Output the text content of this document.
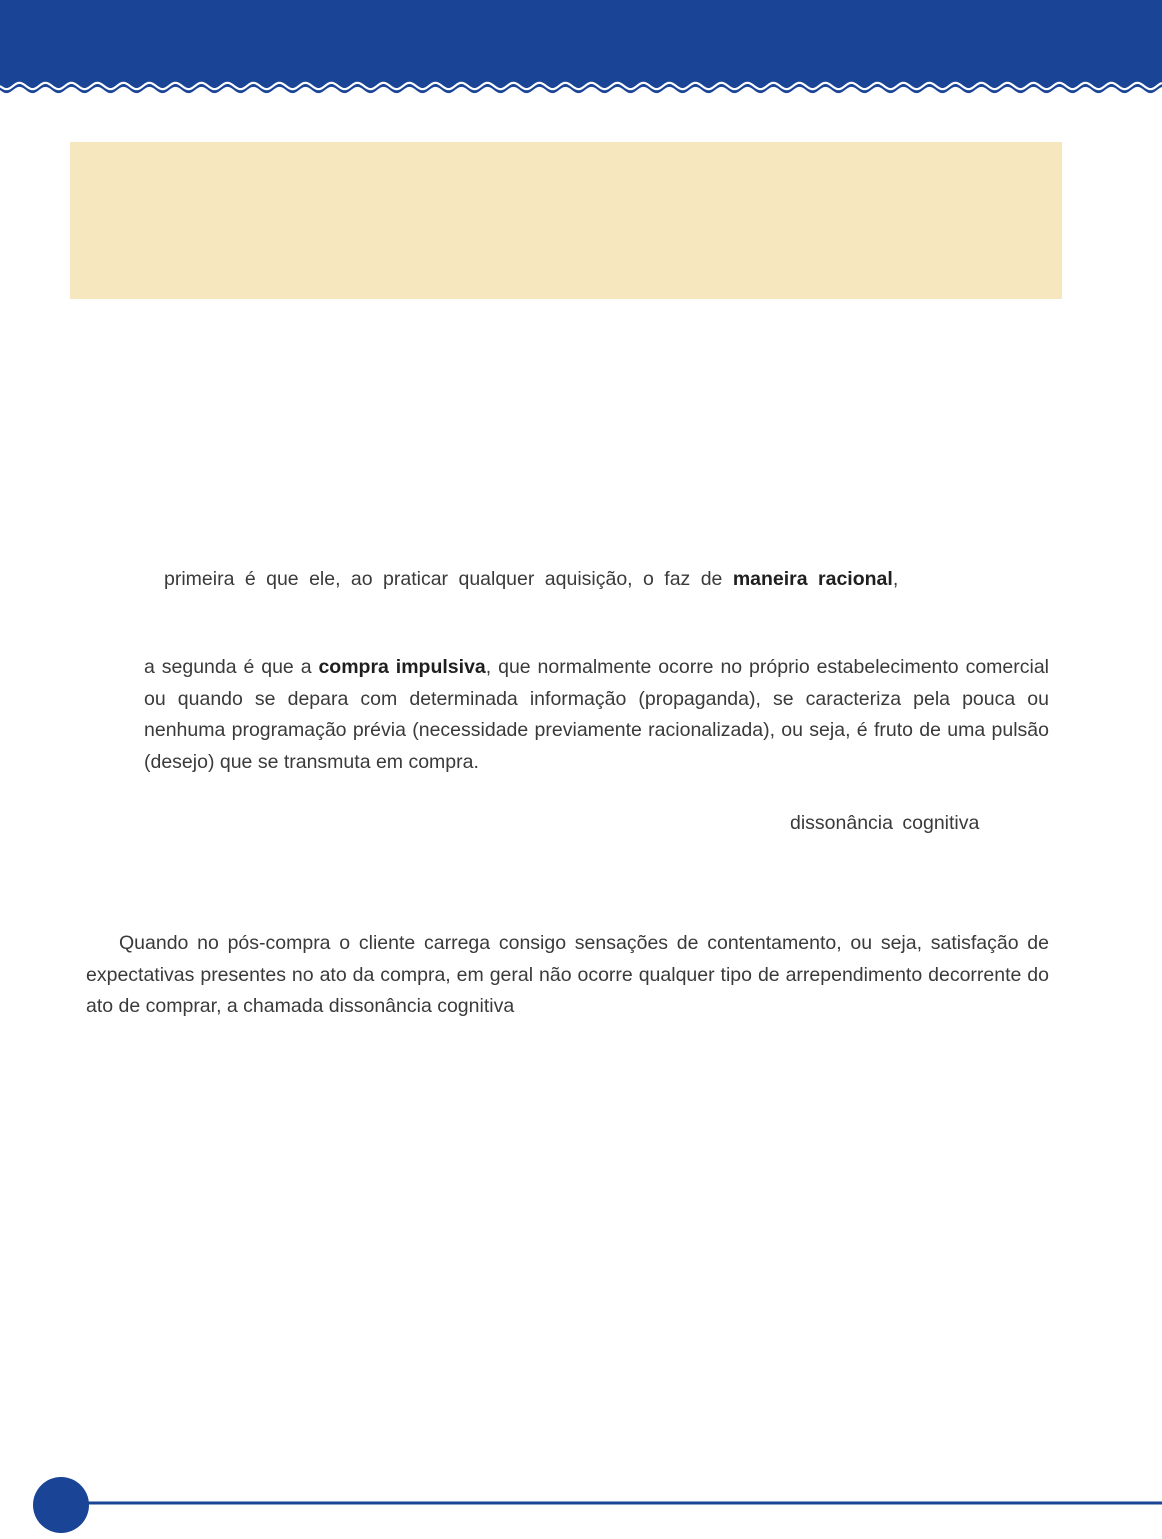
primeira é que ele, ao praticar qualquer aquisição, o faz de maneira racional,

a segunda é que a compra impulsiva, que normalmente ocorre no próprio estabelecimento comercial ou quando se depara com determinada informação (propaganda), se caracteriza pela pouca ou nenhuma programação prévia (necessidade previamente racionalizada), ou seja, é fruto de uma pulsão (desejo) que se transmuta em compra.

dissonância cognitiva

Quando no pós-compra o cliente carrega consigo sensações de contentamento, ou seja, satisfação de expectativas presentes no ato da compra, em geral não ocorre qualquer tipo de arrependimento decorrente do ato de comprar, a chamada dissonância cognitiva
